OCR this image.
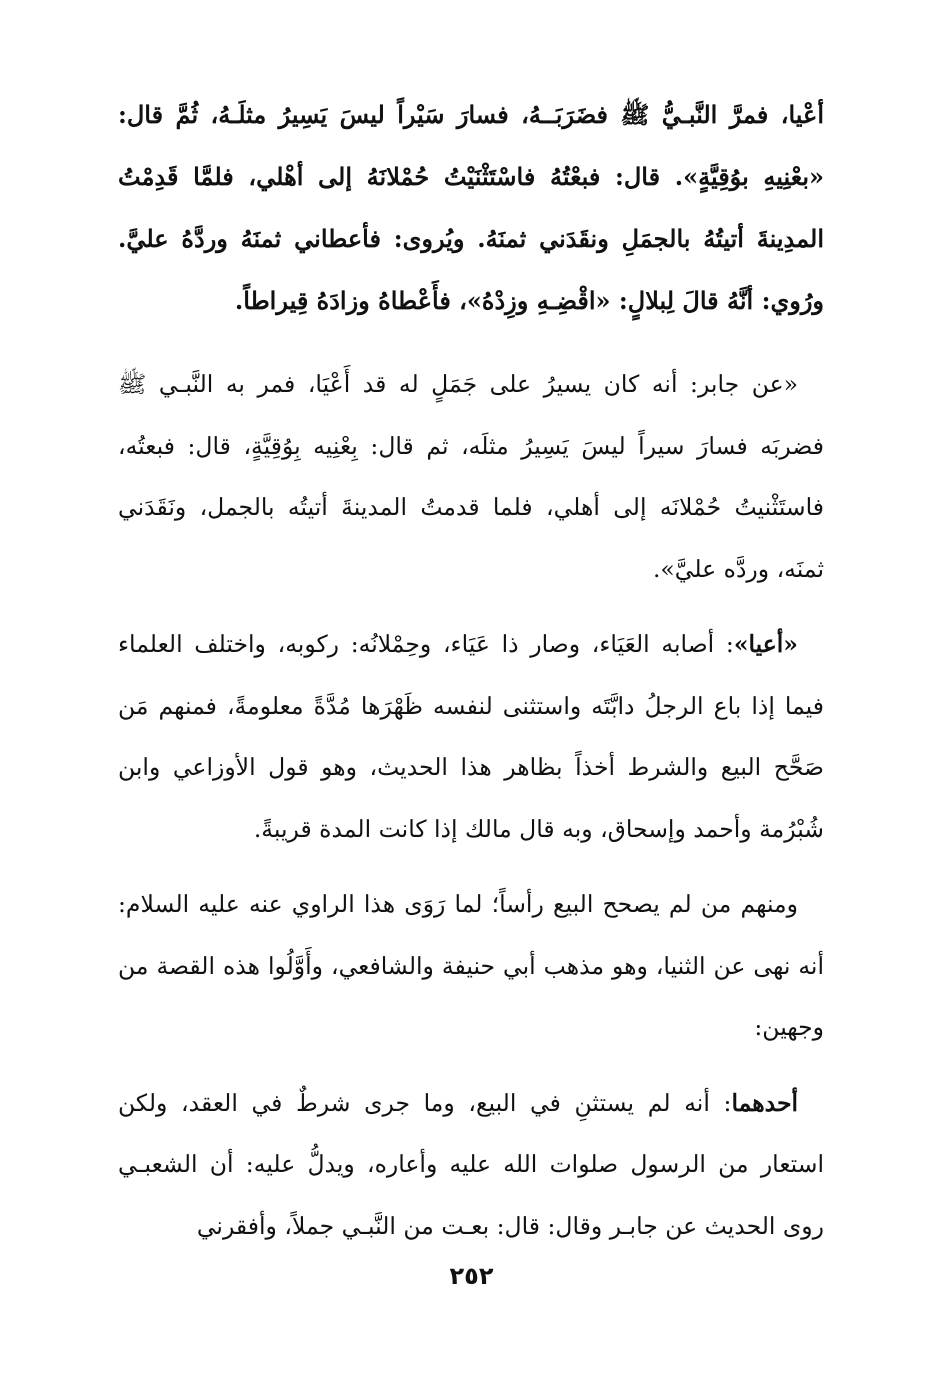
أعْيا، فمرَّ النَّبـيُّ ﷺ فضَرَبَــهُ، فسارَ سَيْراً ليسَ يَسِيرُ مثلَـهُ، ثُمَّ قال: «بعْنِيهِ بوُقِيَّةٍ». قال: فبعْتُهُ فاسْتَثْنَيْتُ حُمْلانَهُ إلى أهْلي، فلمَّا قَدِمْتُ المدِينةَ أتيتُهُ بالجمَلِ ونقَدَني ثمنَهُ. ويُروى: فأعطاني ثمنَهُ وردَّهُ عليَّ. ورُوي: أنَّهُ قالَ لِبلالٍ: «اقْضِـهِ وزِدْهُ»، فأَعْطاهُ وزادَهُ قِيراطاً.

«عن جابر: أنه كان يسيرُ على جَمَلٍ له قد أَعْيَا، فمر به النَّبـي ﷺ فضربَه فسارَ سيراً ليسَ يَسِيرُ مثلَه، ثم قال: بِعْنِيه بِوُقِيَّةٍ، قال: فبعتُه، فاستَثْنيتُ حُمْلانَه إلى أهلي، فلما قدمتُ المدينةَ أتيتُه بالجمل، ونَقَدَني ثمنَه، وردَّه عليَّ».

«أعيا»: أصابه العَيَاء، وصار ذا عَيَاء، وحِمْلانُه: ركوبه، واختلف العلماء فيما إذا باع الرجلُ دابَّتَه واستثنى لنفسه ظَهْرَها مُدَّةً معلومةً، فمنهم مَن صَحَّح البيع والشرط أخذاً بظاهر هذا الحديث، وهو قول الأوزاعي وابن شُبْرُمة وأحمد وإسحاق، وبه قال مالك إذا كانت المدة قريبةً.

ومنهم من لم يصحح البيع رأساً؛ لما رَوَى هذا الراوي عنه عليه السلام: أنه نهى عن الثنيا، وهو مذهب أبي حنيفة والشافعي، وأَوَّلُوا هذه القصة من وجهين:

أحدهما: أنه لم يستثنِ في البيع، وما جرى شرطٌ في العقد، ولكن استعار من الرسول صلوات الله عليه وأعاره، ويدلُّ عليه: أن الشعبـي روى الحديث عن جابـر وقال: قال: بعـت من النَّبـي جملاً، وأفقرني

٢٥٢
